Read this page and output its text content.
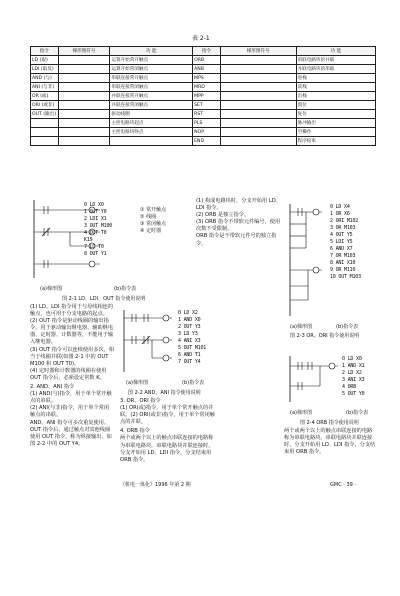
表 2-1
指令	梯形图符号	功 能	指令	梯形图符号	功 能
LD (取)		运算开始常开触点	ORB		串联电路块的并联
LDI (取反)		运算开始常闭触点	ANB		并联电路块的串联
AND (与)		串联连接常开触点	MPS		进栈
ANI (与非)		串联连接常闭触点	MRD		读栈
OR (或)		并联连接常开触点	MPP		出栈
ORI (或非)		并联连接常闭触点	SET		置位
OUT (输出)		驱动线圈	RST		复位
		主控电路块起点	PLS		脉冲输出
		主控电路块终点	NOP		空操作
			END		程序结束
(a)梯形图
0 LD X0
1 OUT Y0
2 LDI X1
3 OUT M100
4 OUT T0
K19
7 LD T0
8 OUT Y1
① 常开触点
② 线圈
③ 常闭触点
④ 定时器
(b)指令表
图 2-1 LD、LDI、OUT 指令使用说明

(1) LD、LDI 指令用于与母线相连的触点，也可用于分支电路的起点。

(2) OUT 指令是驱动线圈的输出指令，用于驱动输出继电器、辅助继电器、定时器、计数器等，不能用于输入继电器。

(3) OUT 指令可以连续使用多次，相当于线圈并联(如图 2-1 中的 OUT M100 和 OUT T0)。

(4) 定时器和计数器的线圈在使用 OUT 指令后，必须设定常数 K。

2. AND、ANI 指令

(1) AND(与)指令，用于单个常开触点的串联。

(2) ANI(与非)指令，用于单个常闭触点的串联。

AND、ANI 指令可多次重复使用。OUT 指令后，通过触点对其他线圈使用 OUT 指令，称为纵接输出，如图 2-2 中的 OUT Y4。

0 LD X2
1 AND X0
2 OUT Y3
3 LD Y3
4 ANI X3
5 OUT M101
6 AND T1
7 OUT Y4
(a)梯形图	(b)指令表
图 2-2 AND、ANI 指令使用说明

3. OR、ORI 指令

(1) OR(或)指令，用于单个常开触点的并联。(2) ORI(或非)指令，用于单个常闭触点的并联。

4. ORB 指令

两个或两个以上的触点串联连接的电路称为串联电路块。串联电路块并联连接时，分支开始用 LD、LDI 指令，分支结束用 ORB 指令。

(1) 构成电路块时，分支开始用 LD、LDI 指令。

(2) ORB 是独立指令。

(3) ORB 指令不带软元件编号，使用次数不受限制。

ORB 指令是不带软元件号的独立指令。

0 LD X4
1 OR X6
2 ORI M102
3 OR M103
4 OUT Y5
5 LDI Y5
6 AND X7
7 OR M103
8 ANI X10
9 OR M110
10 OUT M103
(a)梯形图	(b)指令表
图 2-3 OR、ORI 指令使用说明
0 LD X0
1 AND X1
2 LD X2
3 ANI X3
4 ORB
5 OUT Y0
(a)梯形图	(b)指令表
图 2-4 ORB 指令使用说明

两个或两个以上的触点串联连接的电路称为串联电路块。串联电路块并联连接时，分支开始用 LD、LDI 指令，分支结束用 ORB 指令。

《机电一体化》1996 年第 2 期	GMC · 39 ·
